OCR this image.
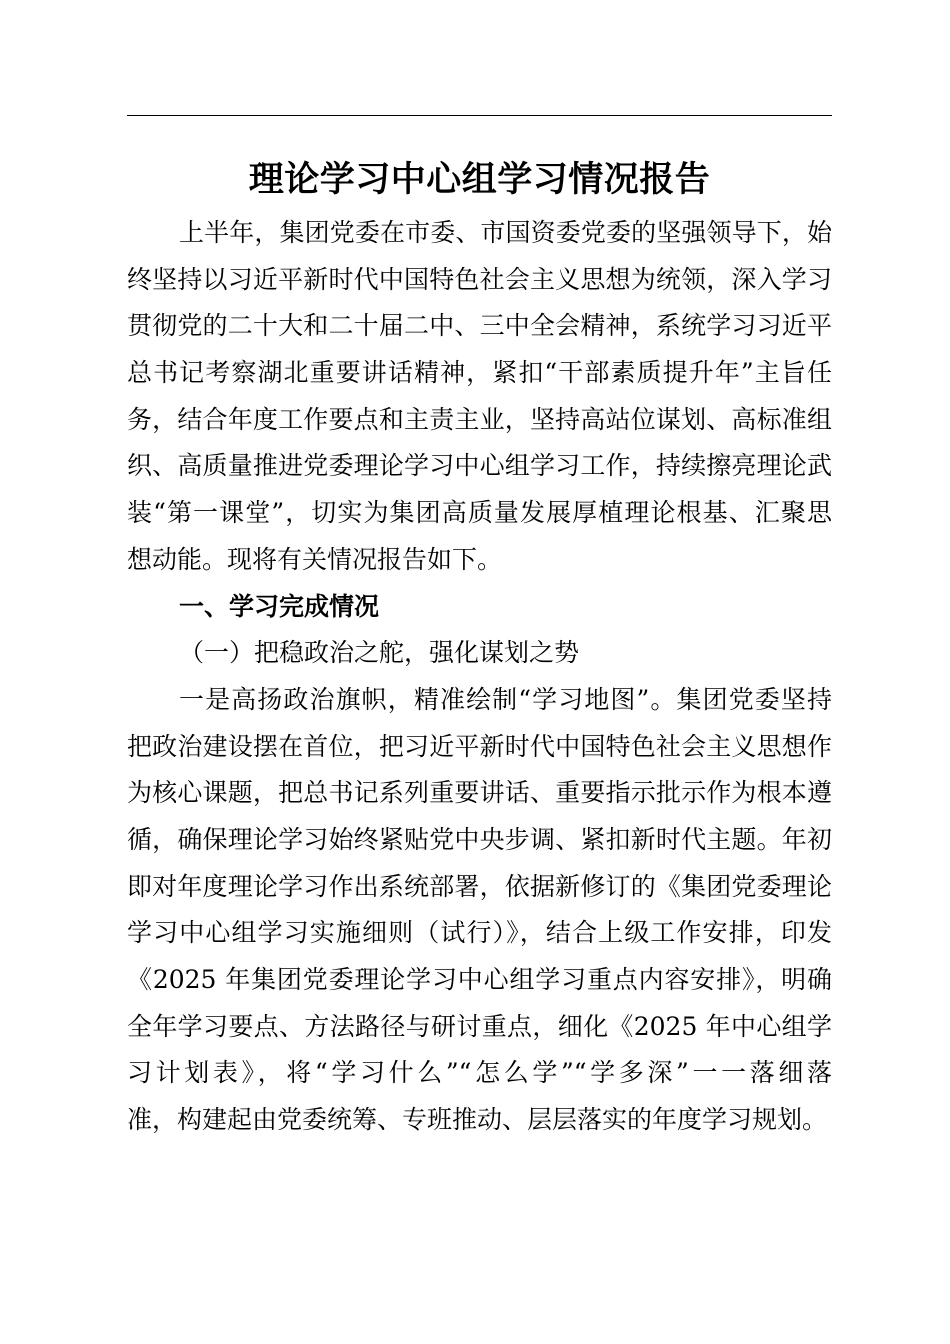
理论学习中心组学习情况报告
上半年，集团党委在市委、市国资委党委的坚强领导下，始
终坚持以习近平新时代中国特色社会主义思想为统领，深入学习
贯彻党的二十大和二十届二中、三中全会精神，系统学习习近平
总书记考察湖北重要讲话精神，紧扣“干部素质提升年”主旨任
务，结合年度工作要点和主责主业，坚持高站位谋划、高标准组
织、高质量推进党委理论学习中心组学习工作，持续擦亮理论武
装“第一课堂”，切实为集团高质量发展厚植理论根基、汇聚思
想动能。现将有关情况报告如下。
一、学习完成情况
（一）把稳政治之舵，强化谋划之势
一是高扬政治旗帜，精准绘制“学习地图”。集团党委坚持
把政治建设摆在首位，把习近平新时代中国特色社会主义思想作
为核心课题，把总书记系列重要讲话、重要指示批示作为根本遵
循，确保理论学习始终紧贴党中央步调、紧扣新时代主题。年初
即对年度理论学习作出系统部署，依据新修订的《集团党委理论
学习中心组学习实施细则（试行）》，结合上级工作安排，印发
《2025 年集团党委理论学习中心组学习重点内容安排》，明确
全年学习要点、方法路径与研讨重点，细化《2025 年中心组学
习计划表》，将“学习什么”“怎么学”“学多深”一一落细落
准，构建起由党委统筹、专班推动、层层落实的年度学习规划。
